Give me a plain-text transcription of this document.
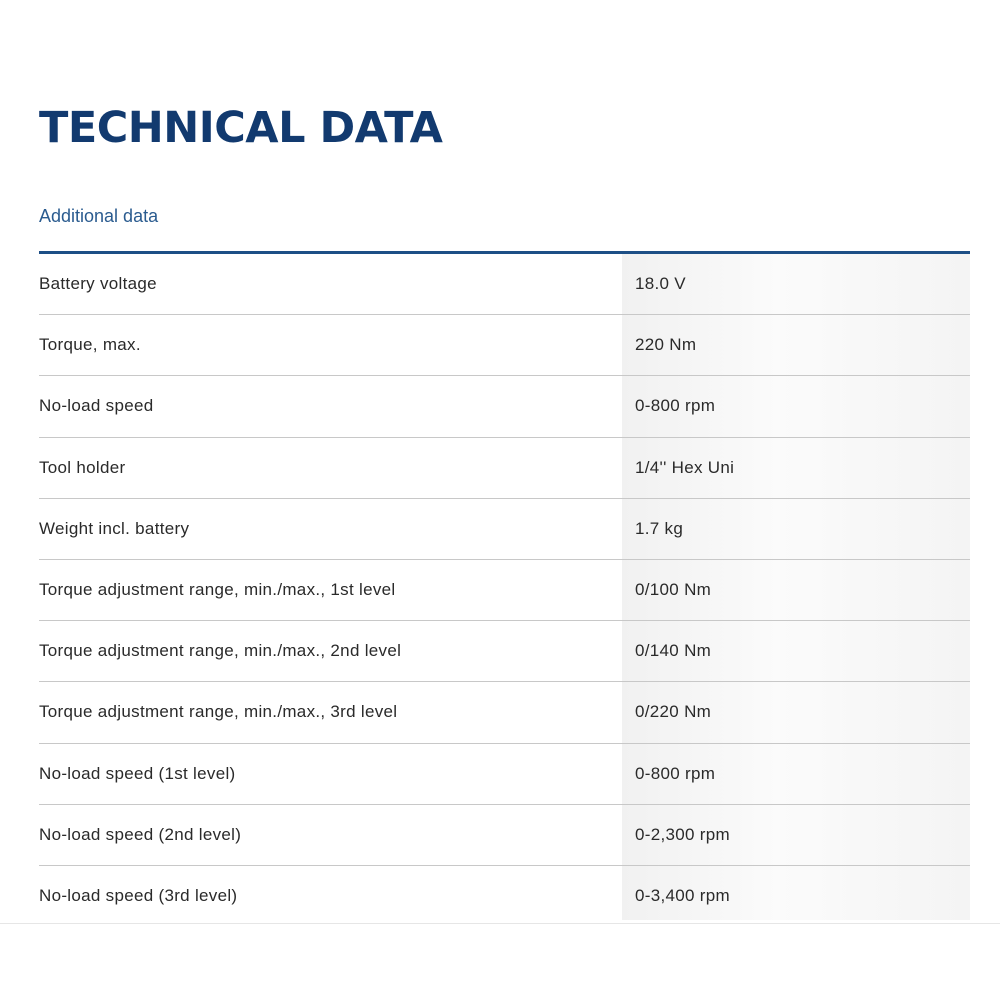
TECHNICAL DATA
Additional data
Battery voltage	18.0 V
Torque, max.	220 Nm
No-load speed	0-800 rpm
Tool holder	1/4'' Hex Uni
Weight incl. battery	1.7 kg
Torque adjustment range, min./max., 1st level	0/100 Nm
Torque adjustment range, min./max., 2nd level	0/140 Nm
Torque adjustment range, min./max., 3rd level	0/220 Nm
No-load speed (1st level)	0-800 rpm
No-load speed (2nd level)	0-2,300 rpm
No-load speed (3rd level)	0-3,400 rpm
